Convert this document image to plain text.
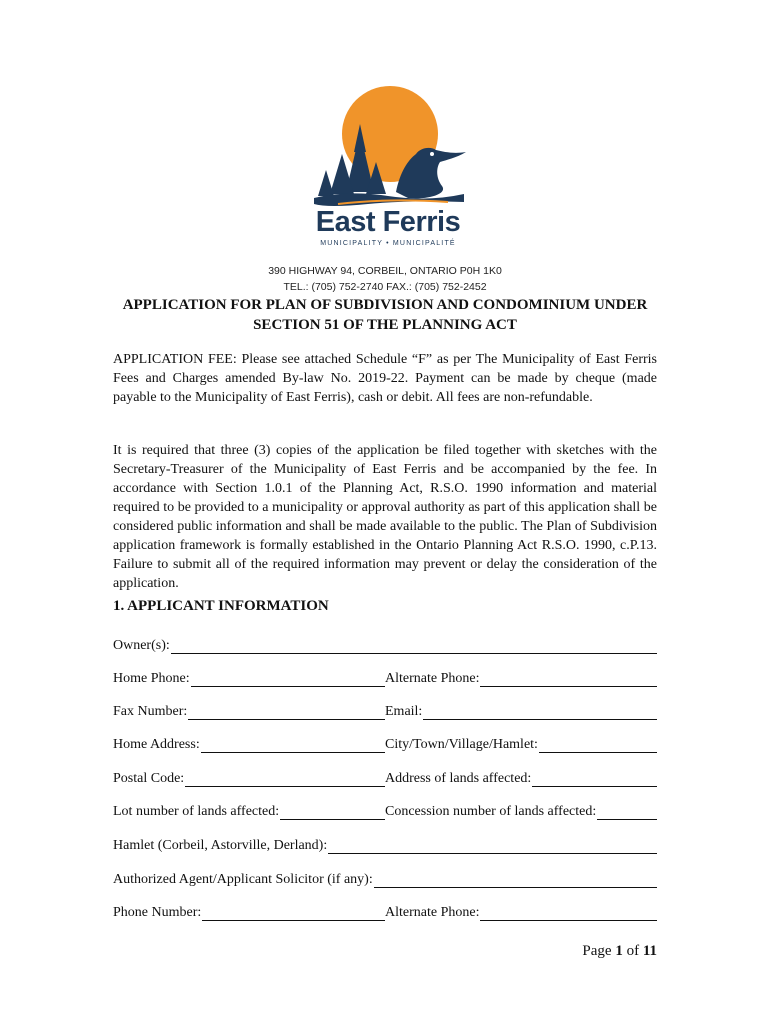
East Ferris
MUNICIPALITY • MUNICIPALITÉ
390 HIGHWAY 94, CORBEIL, ONTARIO P0H 1K0
TEL.: (705) 752-2740 FAX.: (705) 752-2452
APPLICATION FOR PLAN OF SUBDIVISION AND CONDOMINIUM UNDER
SECTION 51 OF THE PLANNING ACT
APPLICATION FEE: Please see attached Schedule “F” as per The Municipality of East Ferris Fees and Charges amended By-law No. 2019-22. Payment can be made by cheque (made payable to the Municipality of East Ferris), cash or debit. All fees are non-refundable.
It is required that three (3) copies of the application be filed together with sketches with the Secretary-Treasurer of the Municipality of East Ferris and be accompanied by the fee. In accordance with Section 1.0.1 of the Planning Act, R.S.O. 1990 information and material required to be provided to a municipality or approval authority as part of this application shall be considered public information and shall be made available to the public. The Plan of Subdivision application framework is formally established in the Ontario Planning Act R.S.O. 1990, c.P.13. Failure to submit all of the required information may prevent or delay the consideration of the application.
1. APPLICANT INFORMATION
Owner(s):
Home Phone:	Alternate Phone:
Fax Number:	Email:
Home Address:	City/Town/Village/Hamlet:
Postal Code:	Address of lands affected:
Lot number of lands affected:	Concession number of lands affected:
Hamlet (Corbeil, Astorville, Derland):
Authorized Agent/Applicant Solicitor (if any):
Phone Number:	Alternate Phone:
Page 1 of 11
